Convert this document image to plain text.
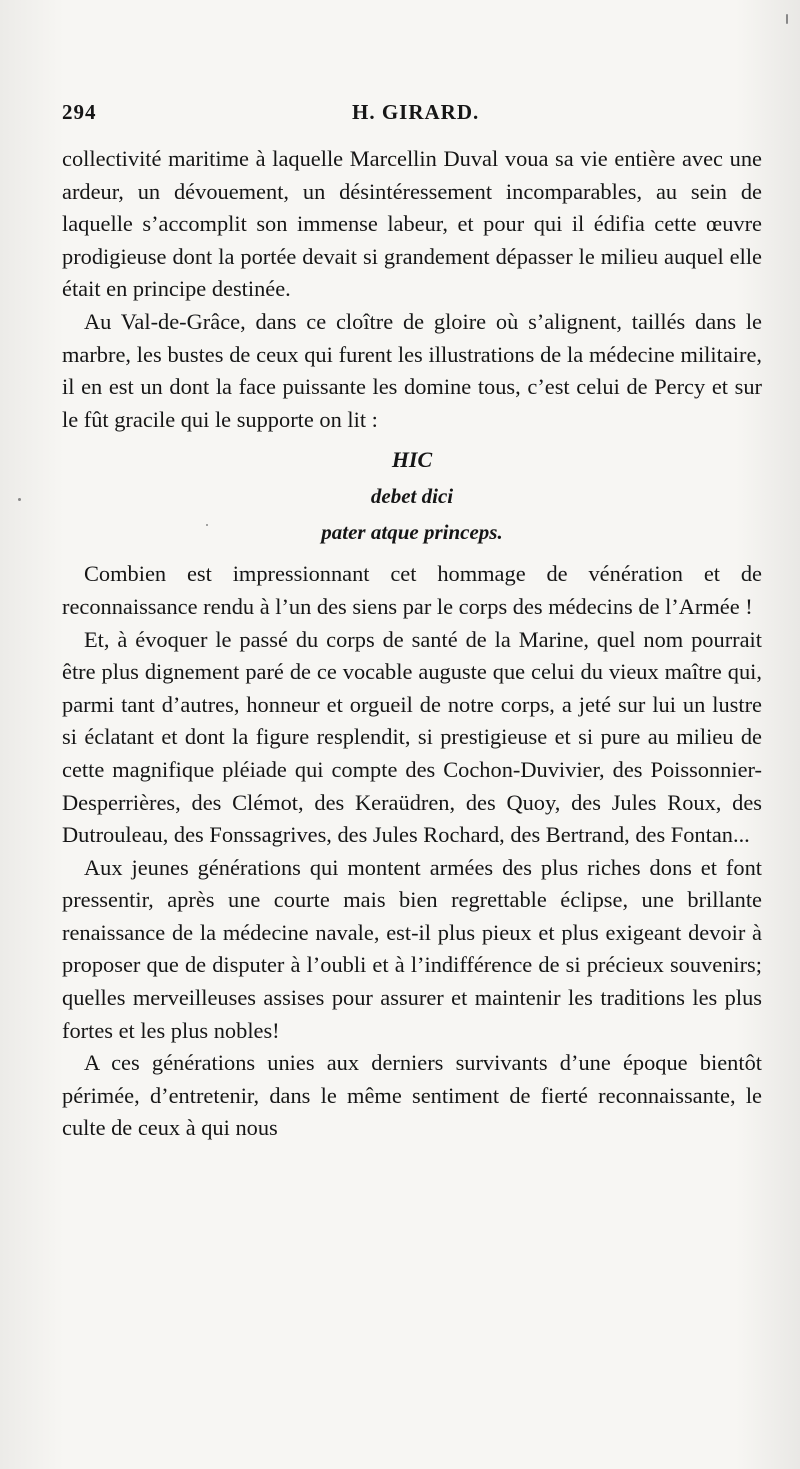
294	H. GIRARD.

collectivité maritime à laquelle Marcellin Duval voua sa vie entière avec une ardeur, un dévouement, un désintéressement incomparables, au sein de laquelle s’accomplit son immense labeur, et pour qui il édifia cette œuvre prodigieuse dont la portée devait si grandement dépasser le milieu auquel elle était en principe destinée.

Au Val-de-Grâce, dans ce cloître de gloire où s’alignent, taillés dans le marbre, les bustes de ceux qui furent les illustrations de la médecine militaire, il en est un dont la face puissante les domine tous, c’est celui de Percy et sur le fût gracile qui le supporte on lit :

HIC
debet dici
pater atque princeps.

Combien est impressionnant cet hommage de vénération et de reconnaissance rendu à l’un des siens par le corps des médecins de l’Armée !

Et, à évoquer le passé du corps de santé de la Marine, quel nom pourrait être plus dignement paré de ce vocable auguste que celui du vieux maître qui, parmi tant d’autres, honneur et orgueil de notre corps, a jeté sur lui un lustre si éclatant et dont la figure resplendit, si prestigieuse et si pure au milieu de cette magnifique pléiade qui compte des Cochon-Duvivier, des Poissonnier-Desperrières, des Clémot, des Keraüdren, des Quoy, des Jules Roux, des Dutrouleau, des Fonssagrives, des Jules Rochard, des Bertrand, des Fontan...

Aux jeunes générations qui montent armées des plus riches dons et font pressentir, après une courte mais bien regrettable éclipse, une brillante renaissance de la médecine navale, est-il plus pieux et plus exigeant devoir à proposer que de disputer à l’oubli et à l’indifférence de si précieux souvenirs; quelles merveilleuses assises pour assurer et maintenir les traditions les plus fortes et les plus nobles!

A ces générations unies aux derniers survivants d’une époque bientôt périmée, d’entretenir, dans le même sentiment de fierté reconnaissante, le culte de ceux à qui nous
